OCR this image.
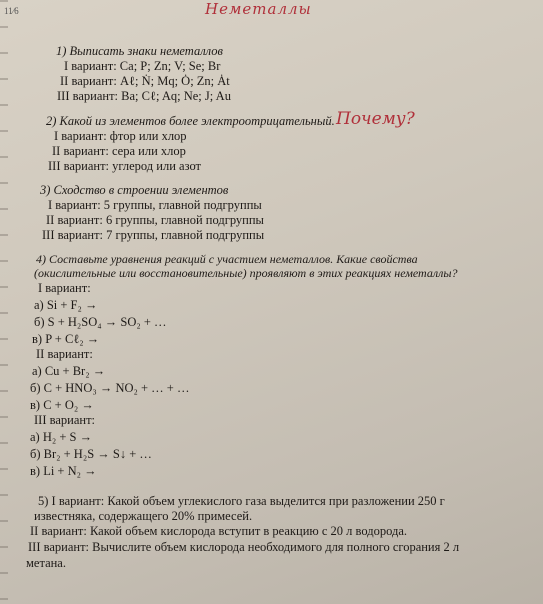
11⁄6	Неметаллы
1) Выписать знаки неметаллов
I вариант: Ca; P; Zn; V; Se; Br
II вариант: Aℓ; Ṅ; Mq; Ȯ; Zn; Ȧt
III вариант: Ba; Cℓ; Aq; Ne; J; Au
2) Какой из элементов более электроотрицательный. Почему?
I вариант: фтор или хлор
II вариант: сера или хлор
III вариант: углерод или азот
3) Сходство в строении элементов
I вариант: 5 группы, главной подгруппы
II вариант: 6 группы, главной подгруппы
III вариант: 7 группы, главной подгруппы
4) Составьте уравнения реакций с участием неметаллов. Какие свойства
(окислительные или восстановительные) проявляют в этих реакциях неметаллы?
I вариант:
а) Si + F₂ →
б) S + H₂SO₄ → SO₂ + …
в) P + Cℓ₂ →
II вариант:
а) Cu + Br₂ →
б) C + HNO₃ → NO₂ + … + …
в) C + O₂ →
III вариант:
а) H₂ + S →
б) Br₂ + H₂S → S↓ + …
в) Li + N₂ →
5) I вариант: Какой объем углекислого газа выделится при разложении 250 г
известняка, содержащего 20% примесей.
II вариант: Какой объем кислорода вступит в реакцию с 20 л водорода.
III вариант: Вычислите объем кислорода необходимого для полного сгорания 2 л
метана.
